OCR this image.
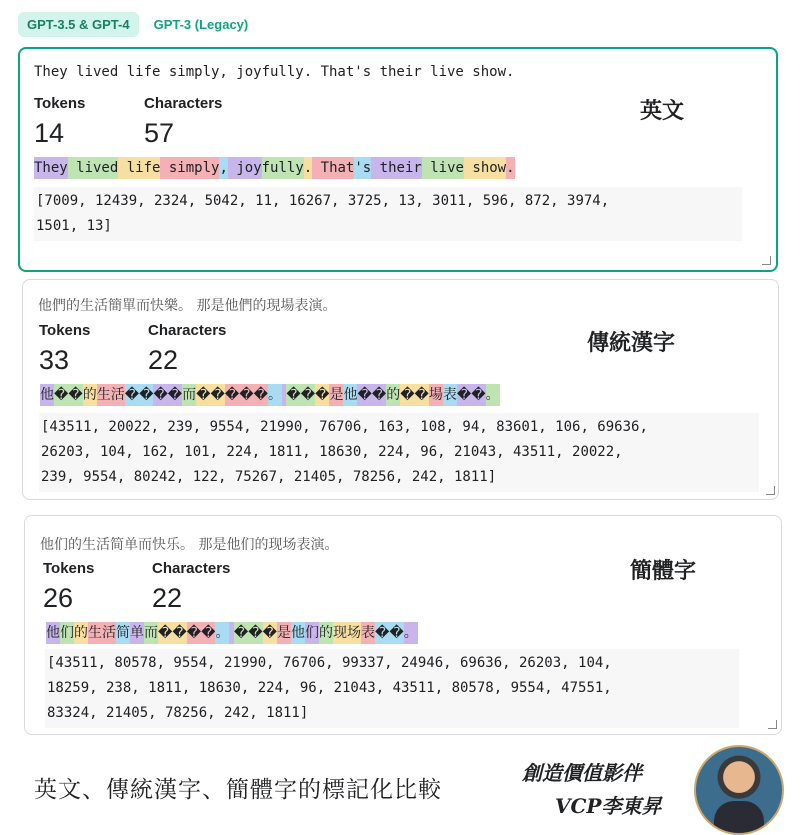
GPT-3.5 & GPT-4	GPT-3 (Legacy)
They lived life simply, joyfully. That's their live show.
Tokens	Characters
14	57
英文
They lived life simply, joyfully. That's their live show.
[7009, 12439, 2324, 5042, 11, 16267, 3725, 13, 3011, 596, 872, 3974,
1501, 13]
他們的生活簡單而快樂。 那是他們的現場表演。
Tokens	Characters
33	22
傳統漢字
他��的生活����而�����。 ���是他��的��場表��。
[43511, 20022, 239, 9554, 21990, 76706, 163, 108, 94, 83601, 106, 69636,
26203, 104, 162, 101, 224, 1811, 18630, 224, 96, 21043, 43511, 20022,
239, 9554, 80242, 122, 75267, 21405, 78256, 242, 1811]
他们的生活简单而快乐。 那是他们的现场表演。
Tokens	Characters
26	22
簡體字
他们的生活简单而����。 ���是他们的现场表��。
[43511, 80578, 9554, 21990, 76706, 99337, 24946, 69636, 26203, 104,
18259, 238, 1811, 18630, 224, 96, 21043, 43511, 80578, 9554, 47551,
83324, 21405, 78256, 242, 1811]
英文、傳統漢字、簡體字的標記化比較
創造價值影伴
VCP李東昇
